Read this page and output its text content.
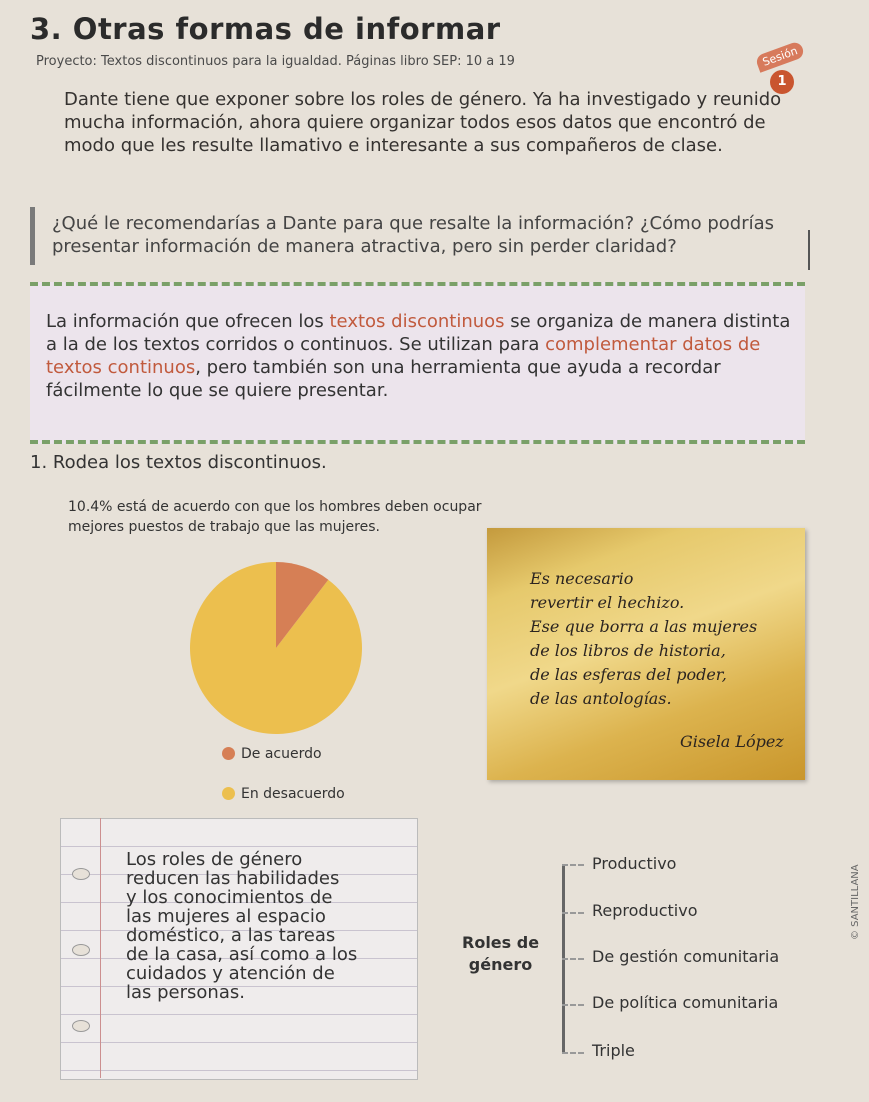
3. Otras formas de informar
Proyecto: Textos discontinuos para la igualdad. Páginas libro SEP: 10 a 19	Sesión
1
Dante tiene que exponer sobre los roles de género. Ya ha investigado y reunido mucha información, ahora quiere organizar todos esos datos que encontró de modo que les resulte llamativo e interesante a sus compañeros de clase.
¿Qué le recomendarías a Dante para que resalte la información? ¿Cómo podrías presentar información de manera atractiva, pero sin perder claridad?
La información que ofrecen los textos discontinuos se organiza de manera distinta a la de los textos corridos o continuos. Se utilizan para complementar datos de textos continuos, pero también son una herramienta que ayuda a recordar fácilmente lo que se quiere presentar.
1. Rodea los textos discontinuos.
10.4% está de acuerdo con que los hombres deben ocupar mejores puestos de trabajo que las mujeres.
De acuerdo
En desacuerdo
Es necesario
revertir el hechizo.
Ese que borra a las mujeres
de los libros de historia,
de las esferas del poder,
de las antologías.
Gisela López
Los roles de género
reducen las habilidades
y los conocimientos de
las mujeres al espacio
doméstico, a las tareas
de la casa, así como a los
cuidados y atención de
las personas.
Roles de
género
Productivo
Reproductivo
De gestión comunitaria
De política comunitaria
Triple
© SANTILLANA
